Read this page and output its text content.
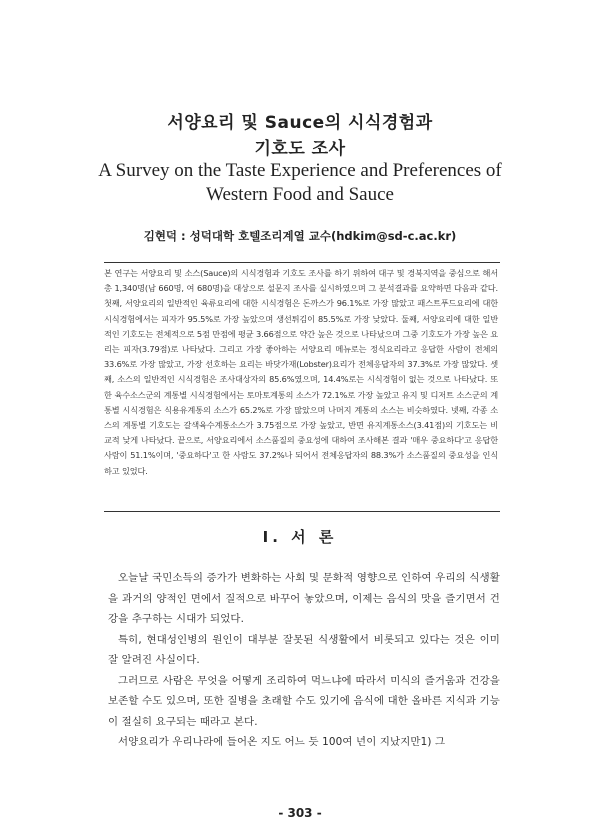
서양요리 및 Sauce의 시식경험과
기호도 조사
A Survey on the Taste Experience and Preferences of
Western Food and Sauce
김현덕 : 성덕대학 호텔조리계열 교수(hdkim@sd-c.ac.kr)
본 연구는 서양요리 및 소스(Sauce)의 시식경험과 기호도 조사를 하기 위하여 대구 및 경북지역을 중심으로 해서 총 1,340명(남 660명, 여 680명)을 대상으로 설문지 조사를 실시하였으며 그 분석결과를 요약하면 다음과 같다. 첫째, 서양요리의 일반적인 육류요리에 대한 시식경험은 돈까스가 96.1%로 가장 많았고 패스트푸드요리에 대한 시식경험에서는 피자가 95.5%로 가장 높았으며 생선튀김이 85.5%로 가장 낮았다. 둘째, 서양요리에 대한 일반적인 기호도는 전체적으로 5점 만점에 평균 3.66점으로 약간 높은 것으로 나타났으며 그중 기호도가 가장 높은 요리는 피자(3.79점)로 나타났다. 그리고 가장 좋아하는 서양요리 메뉴로는 정식요리라고 응답한 사람이 전체의 33.6%로 가장 많았고, 가장 선호하는 요리는 바닷가재(Lobster)요리가 전체응답자의 37.3%로 가장 많았다. 셋째, 소스의 일반적인 시식경험은 조사대상자의 85.6%였으며, 14.4%로는 시식경험이 없는 것으로 나타났다. 또한 육수소스군의 계통별 시식경험에서는 토마토계통의 소스가 72.1%로 가장 높았고 유지 및 디저트 소스군의 계통별 시식경험은 식용유계통의 소스가 65.2%로 가장 많았으며 나머지 계통의 소스는 비슷하였다. 넷째, 각종 소스의 계통별 기호도는 갈색육수계통소스가 3.75점으로 가장 높았고, 반면 유지계통소스(3.41점)의 기호도는 비교적 낮게 나타났다. 끝으로, 서양요리에서 소스품질의 중요성에 대하여 조사해본 결과 '매우 중요하다'고 응답한 사람이 51.1%이며, '중요하다'고 한 사람도 37.2%나 되어서 전체응답자의 88.3%가 소스품질의 중요성을 인식하고 있었다.
Ⅰ. 서 론

오늘날 국민소득의 증가가 변화하는 사회 및 문화적 영향으로 인하여 우리의 식생활을 과거의 양적인 면에서 질적으로 바꾸어 놓았으며, 이제는 음식의 맛을 즐기면서 건강을 추구하는 시대가 되었다.

특히, 현대성인병의 원인이 대부분 잘못된 식생활에서 비롯되고 있다는 것은 이미 잘 알려진 사실이다.

그러므로 사람은 무엇을 어떻게 조리하여 먹느냐에 따라서 미식의 즐거움과 건강을 보존할 수도 있으며, 또한 질병을 초래할 수도 있기에 음식에 대한 올바른 지식과 기능이 절실히 요구되는 때라고 본다.

서양요리가 우리나라에 들어온 지도 어느 듯 100여 년이 지났지만1) 그

- 303 -
